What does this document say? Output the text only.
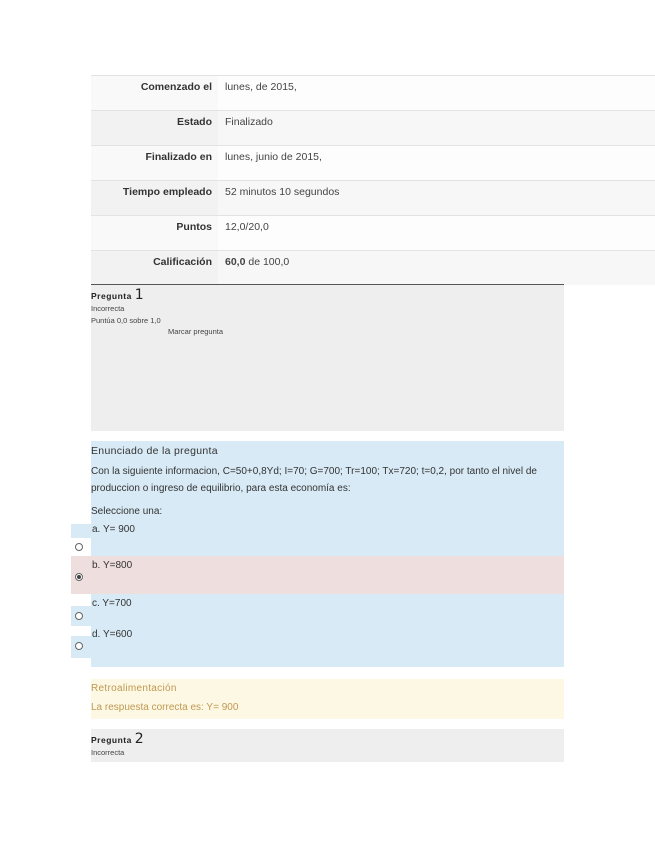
Comenzado el	lunes, de 2015,
Estado	Finalizado
Finalizado en	lunes, junio de 2015,
Tiempo empleado	52 minutos 10 segundos
Puntos	12,0/20,0
Calificación	60,0 de 100,0
Pregunta 1
Incorrecta
Puntúa 0,0 sobre 1,0
Marcar pregunta
Enunciado de la pregunta
Con la siguiente informacion, C=50+0,8Yd; I=70; G=700; Tr=100; Tx=720; t=0,2, por tanto el nivel de produccion o ingreso de equilibrio, para esta economía es:
Seleccione una:
a. Y= 900
b. Y=800
c. Y=700
d. Y=600
Retroalimentación
La respuesta correcta es: Y= 900
Pregunta 2
Incorrecta
